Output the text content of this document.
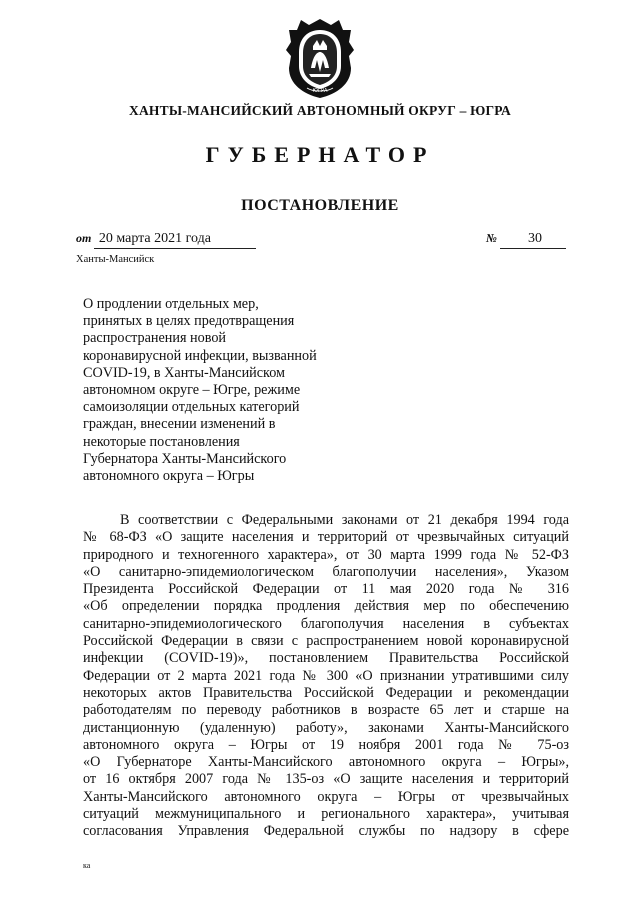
ЮГРА
ХАНТЫ-МАНСИЙСКИЙ АВТОНОМНЫЙ ОКРУГ – ЮГРА
ГУБЕРНАТОР
ПОСТАНОВЛЕНИЕ
от 20 марта 2021 года	№ 30
Ханты-Мансийск
О продлении отдельных мер,
принятых в целях предотвращения
распространения новой
коронавирусной инфекции, вызванной
COVID-19, в Ханты-Мансийском
автономном округе – Югре, режиме
самоизоляции отдельных категорий
граждан, внесении изменений в
некоторые постановления
Губернатора Ханты-Мансийского
автономного округа – Югры
В соответствии с Федеральными законами от 21 декабря 1994 года
№ 68-ФЗ «О защите населения и территорий от чрезвычайных ситуаций
природного и техногенного характера», от 30 марта 1999 года № 52-ФЗ
«О санитарно-эпидемиологическом благополучии населения», Указом
Президента Российской Федерации от 11 мая 2020 года № 316
«Об определении порядка продления действия мер по обеспечению
санитарно-эпидемиологического благополучия населения в субъектах
Российской Федерации в связи с распространением новой коронавирусной
инфекции (COVID-19)», постановлением Правительства Российской
Федерации от 2 марта 2021 года № 300 «О признании утратившими силу
некоторых актов Правительства Российской Федерации и рекомендации
работодателям по переводу работников в возрасте 65 лет и старше на
дистанционную (удаленную) работу», законами Ханты-Мансийского
автономного округа – Югры от 19 ноября 2001 года № 75-оз
«О Губернаторе Ханты-Мансийского автономного округа – Югры»,
от 16 октября 2007 года № 135-оз «О защите населения и территорий
Ханты-Мансийского автономного округа – Югры от чрезвычайных
ситуаций межмуниципального и регионального характера», учитывая
согласования Управления Федеральной службы по надзору в сфере
ка
